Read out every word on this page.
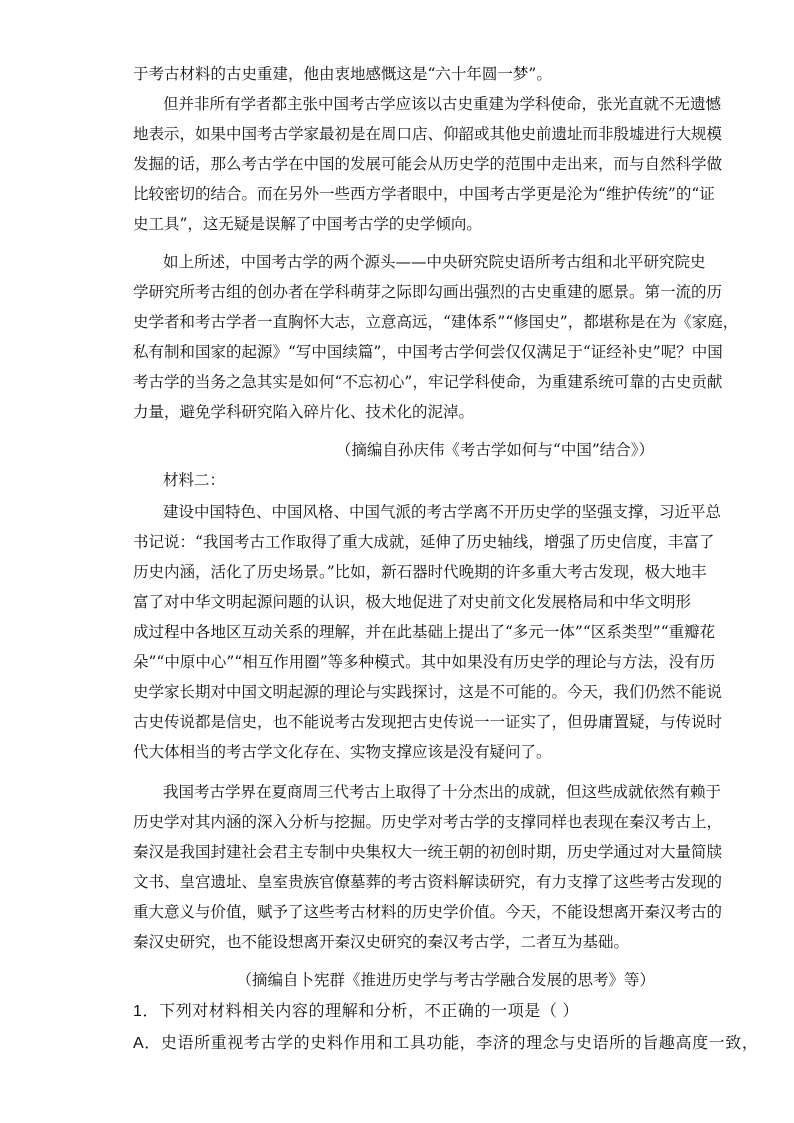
于考古材料的古史重建，他由衷地感慨这是“六十年圆一梦”。
但并非所有学者都主张中国考古学应该以古史重建为学科使命，张光直就不无遗憾
地表示，如果中国考古学家最初是在周口店、仰韶或其他史前遗址而非殷墟进行大规模
发掘的话，那么考古学在中国的发展可能会从历史学的范围中走出来，而与自然科学做
比较密切的结合。而在另外一些西方学者眼中，中国考古学更是沦为“维护传统”的“证
史工具”，这无疑是误解了中国考古学的史学倾向。
如上所述，中国考古学的两个源头——中央研究院史语所考古组和北平研究院史
学研究所考古组的创办者在学科萌芽之际即勾画出强烈的古史重建的愿景。第一流的历
史学者和考古学者一直胸怀大志，立意高远，“建体系”“修国史”，都堪称是在为《家庭，
私有制和国家的起源》“写中国续篇”，中国考古学何尝仅仅满足于“证经补史”呢？中国
考古学的当务之急其实是如何“不忘初心”，牢记学科使命，为重建系统可靠的古史贡献
力量，避免学科研究陷入碎片化、技术化的泥淖。
（摘编自孙庆伟《考古学如何与“中国”结合》）
材料二：
建设中国特色、中国风格、中国气派的考古学离不开历史学的坚强支撑，习近平总
书记说：“我国考古工作取得了重大成就，延伸了历史轴线，增强了历史信度，丰富了
历史内涵，活化了历史场景。”比如，新石器时代晚期的许多重大考古发现，极大地丰
富了对中华文明起源问题的认识，极大地促进了对史前文化发展格局和中华文明形
成过程中各地区互动关系的理解，并在此基础上提出了“多元一体”“区系类型”“重瓣花
朵”“中原中心”“相互作用圈”等多种模式。其中如果没有历史学的理论与方法，没有历
史学家长期对中国文明起源的理论与实践探讨，这是不可能的。今天，我们仍然不能说
古史传说都是信史，也不能说考古发现把古史传说一一证实了，但毋庸置疑，与传说时
代大体相当的考古学文化存在、实物支撑应该是没有疑问了。
我国考古学界在夏商周三代考古上取得了十分杰出的成就，但这些成就依然有赖于
历史学对其内涵的深入分析与挖掘。历史学对考古学的支撑同样也表现在秦汉考古上，
秦汉是我国封建社会君主专制中央集权大一统王朝的初创时期，历史学通过对大量简牍
文书、皇宫遗址、皇室贵族官僚墓葬的考古资料解读研究，有力支撑了这些考古发现的
重大意义与价值，赋予了这些考古材料的历史学价值。今天，不能设想离开秦汉考古的
秦汉史研究，也不能设想离开秦汉史研究的秦汉考古学，二者互为基础。
（摘编自卜宪群《推进历史学与考古学融合发展的思考》等）
1．下列对材料相关内容的理解和分析，不正确的一项是（ ）
A．史语所重视考古学的史料作用和工具功能，李济的理念与史语所的旨趣高度一致，
